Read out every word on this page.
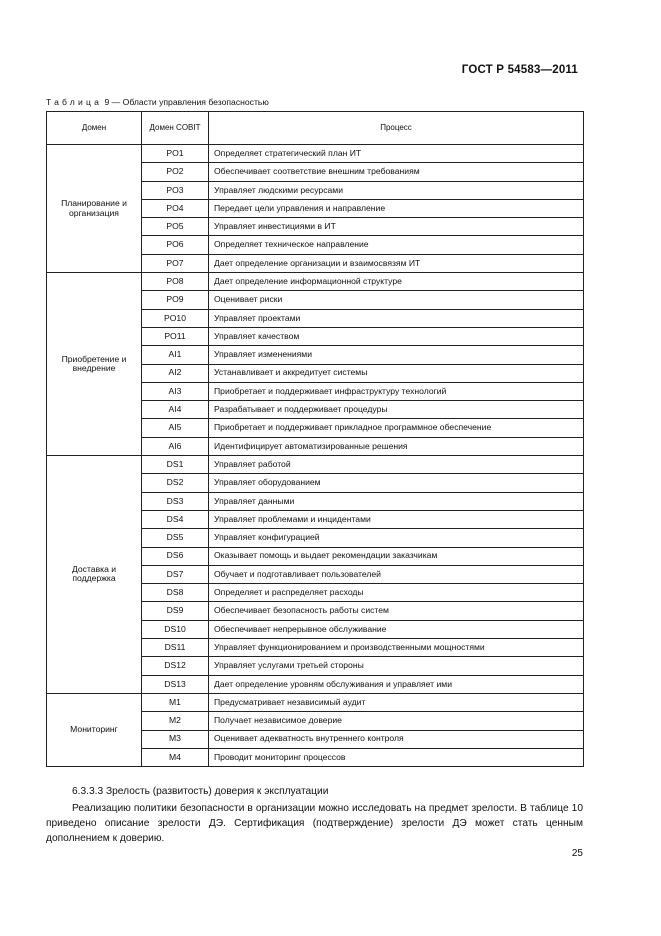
ГОСТ Р 54583—2011
Таблица 9 — Области управления безопасностью
Домен	Домен COBIT	Процесс
Планирование и организация	PO1	Определяет стратегический план ИТ
	PO2	Обеспечивает соответствие внешним требованиям
	PO3	Управляет людскими ресурсами
	PO4	Передает цели управления и направление
	PO5	Управляет инвестициями в ИТ
	PO6	Определяет техническое направление
	PO7	Дает определение организации и взаимосвязям ИТ
Приобретение и внедрение	PO8	Дает определение информационной структуре
	PO9	Оценивает риски
	PO10	Управляет проектами
	PO11	Управляет качеством
	AI1	Управляет изменениями
	AI2	Устанавливает и аккредитует системы
	AI3	Приобретает и поддерживает инфраструктуру технологий
	AI4	Разрабатывает и поддерживает процедуры
	AI5	Приобретает и поддерживает прикладное программное обеспечение
	AI6	Идентифицирует автоматизированные решения
Доставка и поддержка	DS1	Управляет работой
	DS2	Управляет оборудованием
	DS3	Управляет данными
	DS4	Управляет проблемами и инцидентами
	DS5	Управляет конфигурацией
	DS6	Оказывает помощь и выдает рекомендации заказчикам
	DS7	Обучает и подготавливает пользователей
	DS8	Определяет и распределяет расходы
	DS9	Обеспечивает безопасность работы систем
	DS10	Обеспечивает непрерывное обслуживание
	DS11	Управляет функционированием и производственными мощностями
	DS12	Управляет услугами третьей стороны
	DS13	Дает определение уровням обслуживания и управляет ими
Мониторинг	M1	Предусматривает независимый аудит
	M2	Получает независимое доверие
	M3	Оценивает адекватность внутреннего контроля
	M4	Проводит мониторинг процессов
6.3.3.3 Зрелость (развитость) доверия к эксплуатации

Реализацию политики безопасности в организации можно исследовать на предмет зрелости. В таблице 10 приведено описание зрелости ДЭ. Сертификация (подтверждение) зрелости ДЭ может стать ценным дополнением к доверию.

25
